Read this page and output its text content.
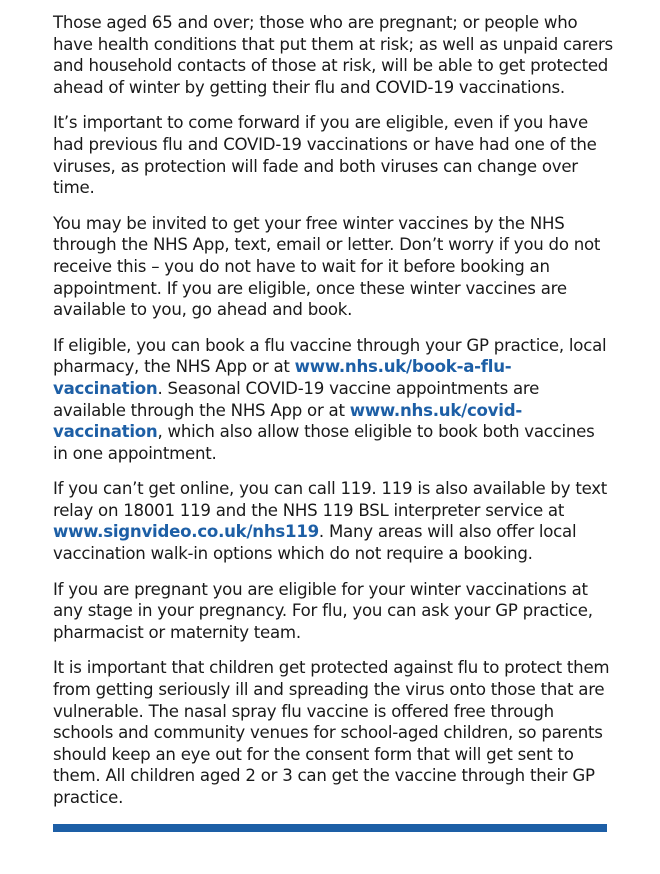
Those aged 65 and over; those who are pregnant; or people who have health conditions that put them at risk; as well as unpaid carers and household contacts of those at risk, will be able to get protected ahead of winter by getting their flu and COVID-19 vaccinations.

It’s important to come forward if you are eligible, even if you have had previous flu and COVID-19 vaccinations or have had one of the viruses, as protection will fade and both viruses can change over time.

You may be invited to get your free winter vaccines by the NHS through the NHS App, text, email or letter. Don’t worry if you do not receive this – you do not have to wait for it before booking an appointment. If you are eligible, once these winter vaccines are available to you, go ahead and book.

If eligible, you can book a flu vaccine through your GP practice, local pharmacy, the NHS App or at www.nhs.uk/book-a-flu-vaccination. Seasonal COVID-19 vaccine appointments are available through the NHS App or at www.nhs.uk/covid-vaccination, which also allow those eligible to book both vaccines in one appointment.

If you can’t get online, you can call 119. 119 is also available by text relay on 18001 119 and the NHS 119 BSL interpreter service at www.signvideo.co.uk/nhs119. Many areas will also offer local vaccination walk-in options which do not require a booking.

If you are pregnant you are eligible for your winter vaccinations at any stage in your pregnancy. For flu, you can ask your GP practice, pharmacist or maternity team.

It is important that children get protected against flu to protect them from getting seriously ill and spreading the virus onto those that are vulnerable. The nasal spray flu vaccine is offered free through schools and community venues for school-aged children, so parents should keep an eye out for the consent form that will get sent to them. All children aged 2 or 3 can get the vaccine through their GP practice.
